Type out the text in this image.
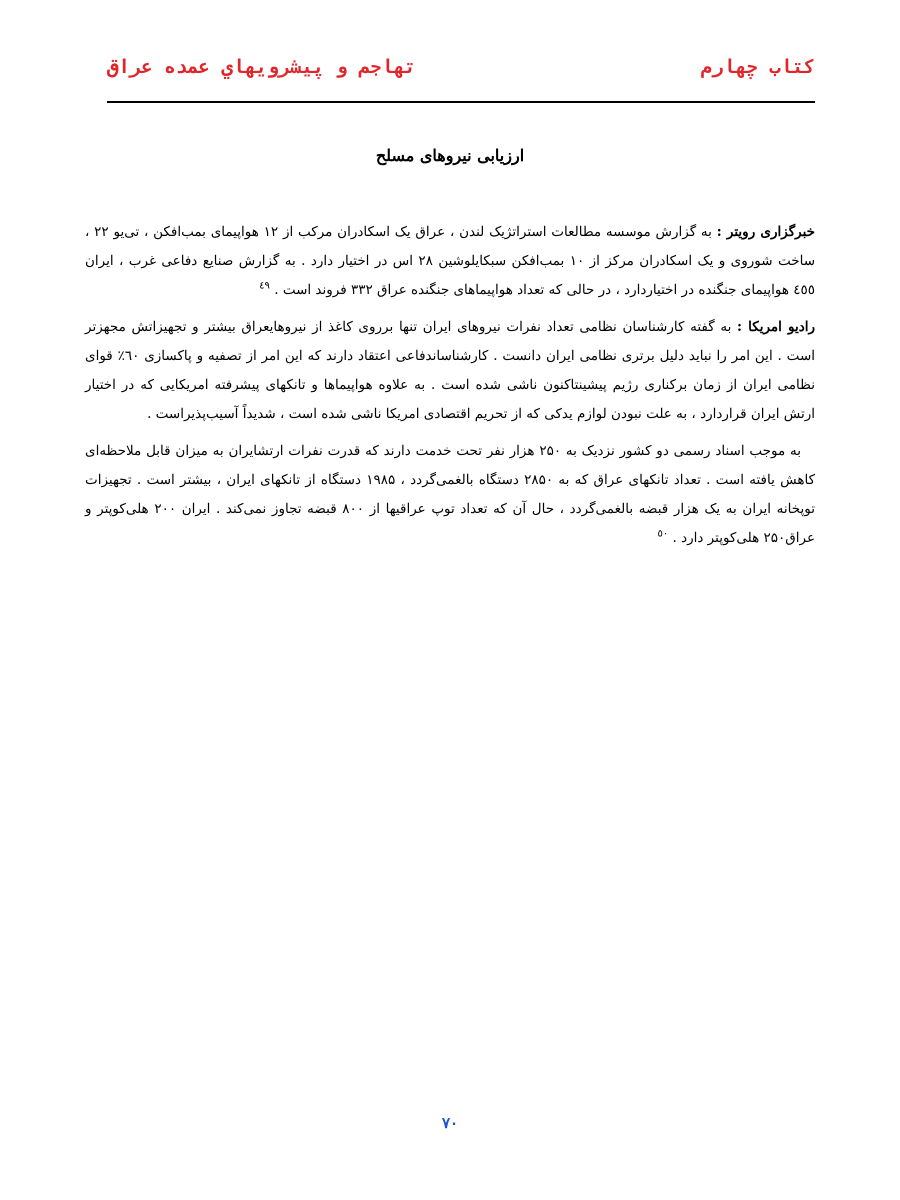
كتاب چهارم
تهاجم و پيشرويهاي عمده عراق
ارزیابی نیروهای مسلح

خبرگزاری رویتر : به گزارش موسسه مطالعات استراتژیک لندن ، عراق یک اسکادران مرکب از ۱۲ هواپیمای بمب‌افکن ، تی‌یو ۲۲ ، ساخت شوروی و یک اسکادران مرکز از ۱۰ بمب‌افکن سبکایلوشین ۲۸ اس در اختیار دارد . به گزارش صنایع دفاعی غرب ، ایران ٤٥٥ هواپیمای جنگنده در اختیاردارد ، در حالی که تعداد هواپیماهای جنگنده عراق ۳۳۲ فروند است . $^{٤٩}$

رادیو امریکا : به گفته کارشناسان نظامی تعداد نفرات نیروهای ایران تنها برروی کاغذ از نیروهایعراق بیشتر و تجهیزاتش مجهزتر است . این امر را نباید دلیل برتری نظامی ایران دانست . کارشناساندفاعی اعتقاد دارند که این امر از تصفیه و پاکسازی ٦۰٪ قوای نظامی ایران از زمان برکناری رژیم پیشینتاکنون ناشی شده است . به علاوه هواپیماها و تانکهای پیشرفته امریکایی که در اختیار ارتش ایران قراردارد ، به علت نبودن لوازم یدکی که از تحریم اقتصادی امریکا ناشی شده است ، شدیداً آسیب‌پذیراست .

به موجب اسناد رسمی دو کشور نزدیک به ۲۵۰ هزار نفر تحت خدمت دارند که قدرت نفرات ارتشایران به میزان قابل ملاحظه‌ای کاهش یافته است . تعداد تانکهای عراق که به ۲۸۵۰ دستگاه بالغمی‌گردد ، ۱۹۸۵ دستگاه از تانکهای ایران ، بیشتر است . تجهیزات توپخانه ایران به یک هزار قبضه بالغمی‌گردد ، حال آن که تعداد توپ عراقیها از ۸۰۰ قبضه تجاوز نمی‌کند . ایران ۲۰۰ هلی‌کوپتر و عراق۲۵۰ هلی‌کوپتر دارد . $^{٥۰}$

۷۰
